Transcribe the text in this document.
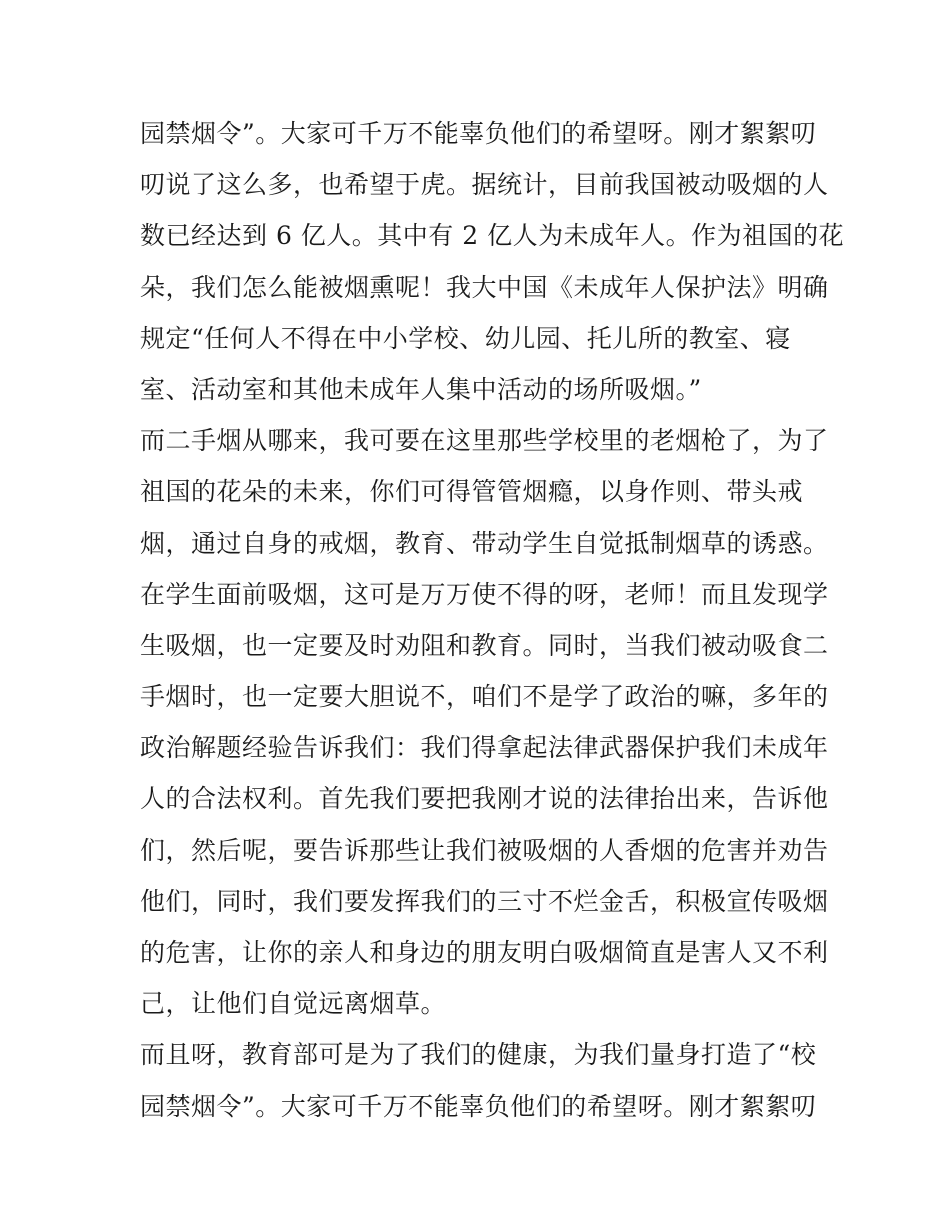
园禁烟令”。大家可千万不能辜负他们的希望呀。刚才絮絮叨
叨说了这么多，也希望于虎。据统计，目前我国被动吸烟的人
数已经达到 6 亿人。其中有 2 亿人为未成年人。作为祖国的花
朵，我们怎么能被烟熏呢！我大中国《未成年人保护法》明确
规定“任何人不得在中小学校、幼儿园、托儿所的教室、寝
室、活动室和其他未成年人集中活动的场所吸烟。”
而二手烟从哪来，我可要在这里那些学校里的老烟枪了，为了
祖国的花朵的未来，你们可得管管烟瘾，以身作则、带头戒
烟，通过自身的戒烟，教育、带动学生自觉抵制烟草的诱惑。
在学生面前吸烟，这可是万万使不得的呀，老师！而且发现学
生吸烟，也一定要及时劝阻和教育。同时，当我们被动吸食二
手烟时，也一定要大胆说不，咱们不是学了政治的嘛，多年的
政治解题经验告诉我们：我们得拿起法律武器保护我们未成年
人的合法权利。首先我们要把我刚才说的法律抬出来，告诉他
们，然后呢，要告诉那些让我们被吸烟的人香烟的危害并劝告
他们，同时，我们要发挥我们的三寸不烂金舌，积极宣传吸烟
的危害，让你的亲人和身边的朋友明白吸烟简直是害人又不利
己，让他们自觉远离烟草。
而且呀，教育部可是为了我们的健康，为我们量身打造了“校
园禁烟令”。大家可千万不能辜负他们的希望呀。刚才絮絮叨
